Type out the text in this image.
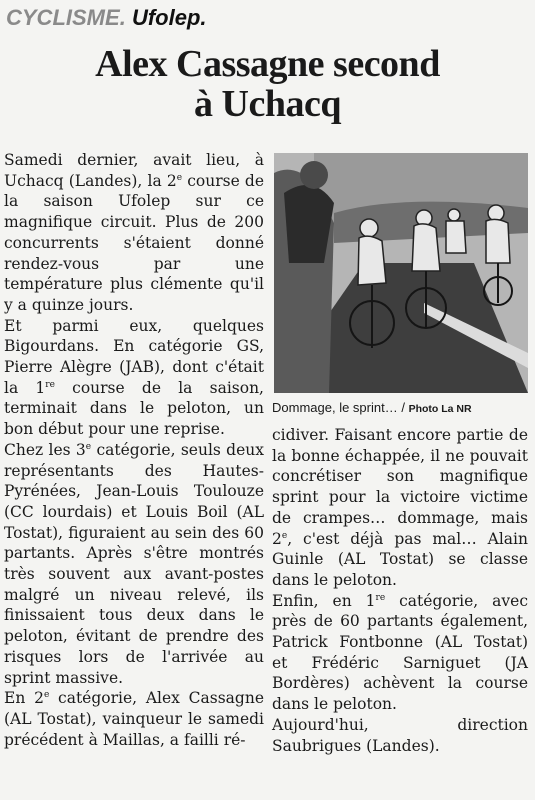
CYCLISME. Ufolep.
Alex Cassagne second
à Uchacq

Samedi dernier, avait lieu, à Uchacq (Landes), la 2e course de la saison Ufolep sur ce magnifique circuit. Plus de 200 concurrents s'étaient donné rendez-vous par une température plus clémente qu'il y a quinze jours.

Et parmi eux, quelques Bigourdans. En catégorie GS, Pierre Alègre (JAB), dont c'était la 1re course de la saison, terminait dans le peloton, un bon début pour une reprise.

Chez les 3e catégorie, seuls deux représentants des Hautes-Pyrénées, Jean-Louis Toulouze (CC lourdais) et Louis Boil (AL Tostat), figuraient au sein des 60 partants. Après s'être montrés très souvent aux avant-postes malgré un niveau relevé, ils finissaient tous deux dans le peloton, évitant de prendre des risques lors de l'arrivée au sprint massive.

En 2e catégorie, Alex Cassagne (AL Tostat), vainqueur le samedi précédent à Maillas, a failli ré-

Dommage, le sprint… / Photo La NR

cidiver. Faisant encore partie de la bonne échappée, il ne pouvait concrétiser son magnifique sprint pour la victoire victime de crampes… dommage, mais 2e, c'est déjà pas mal… Alain Guinle (AL Tostat) se classe dans le peloton.

Enfin, en 1re catégorie, avec près de 60 partants également, Patrick Fontbonne (AL Tostat) et Frédéric Sarniguet (JA Bordères) achèvent la course dans le peloton.

Aujourd'hui, direction Saubrigues (Landes).
